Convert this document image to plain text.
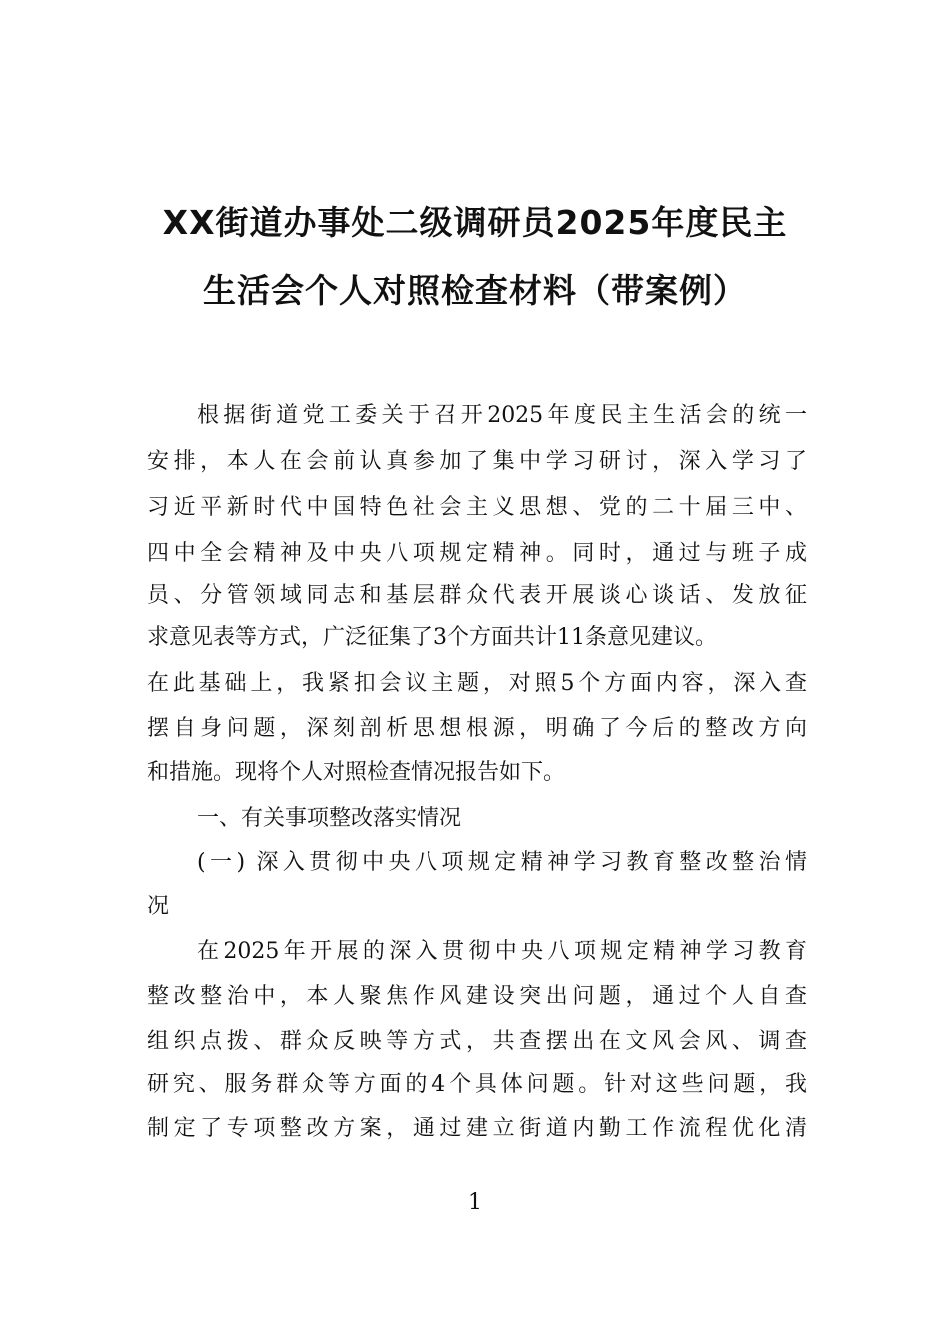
XX街道办事处二级调研员2025年度民主
生活会个人对照检查材料（带案例）
根据街道党工委关于召开2025年度民主生活会的统一
安排，本人在会前认真参加了集中学习研讨，深入学习了
习近平新时代中国特色社会主义思想、党的二十届三中、
四中全会精神及中央八项规定精神。同时，通过与班子成
员、分管领域同志和基层群众代表开展谈心谈话、发放征
求意见表等方式，广泛征集了3个方面共计11条意见建议。
在此基础上，我紧扣会议主题，对照5个方面内容，深入查
摆自身问题，深刻剖析思想根源，明确了今后的整改方向
和措施。现将个人对照检查情况报告如下。
一、有关事项整改落实情况
(一) 深入贯彻中央八项规定精神学习教育整改整治情
况
在2025年开展的深入贯彻中央八项规定精神学习教育
整改整治中，本人聚焦作风建设突出问题，通过个人自查
组织点拨、群众反映等方式，共查摆出在文风会风、调查
研究、服务群众等方面的4个具体问题。针对这些问题，我
制定了专项整改方案，通过建立街道内勤工作流程优化清
1
